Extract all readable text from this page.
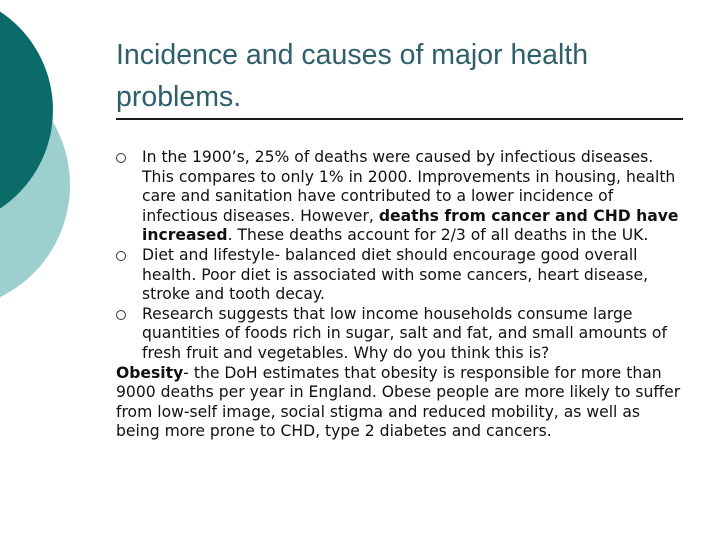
Incidence and causes of major health problems.
In the 1900’s, 25% of deaths were caused by infectious diseases. This compares to only 1% in 2000. Improvements in housing, health care and sanitation have contributed to a lower incidence of infectious diseases. However, deaths from cancer and CHD have increased. These deaths account for 2/3 of all deaths in the UK.
Diet and lifestyle- balanced diet should encourage good overall health. Poor diet is associated with some cancers, heart disease, stroke and tooth decay.
Research suggests that low income households consume large quantities of foods rich in sugar, salt and fat, and small amounts of fresh fruit and vegetables. Why do you think this is?

Obesity- the DoH estimates that obesity is responsible for more than 9000 deaths per year in England. Obese people are more likely to suffer from low-self image, social stigma and reduced mobility, as well as being more prone to CHD, type 2 diabetes and cancers.
